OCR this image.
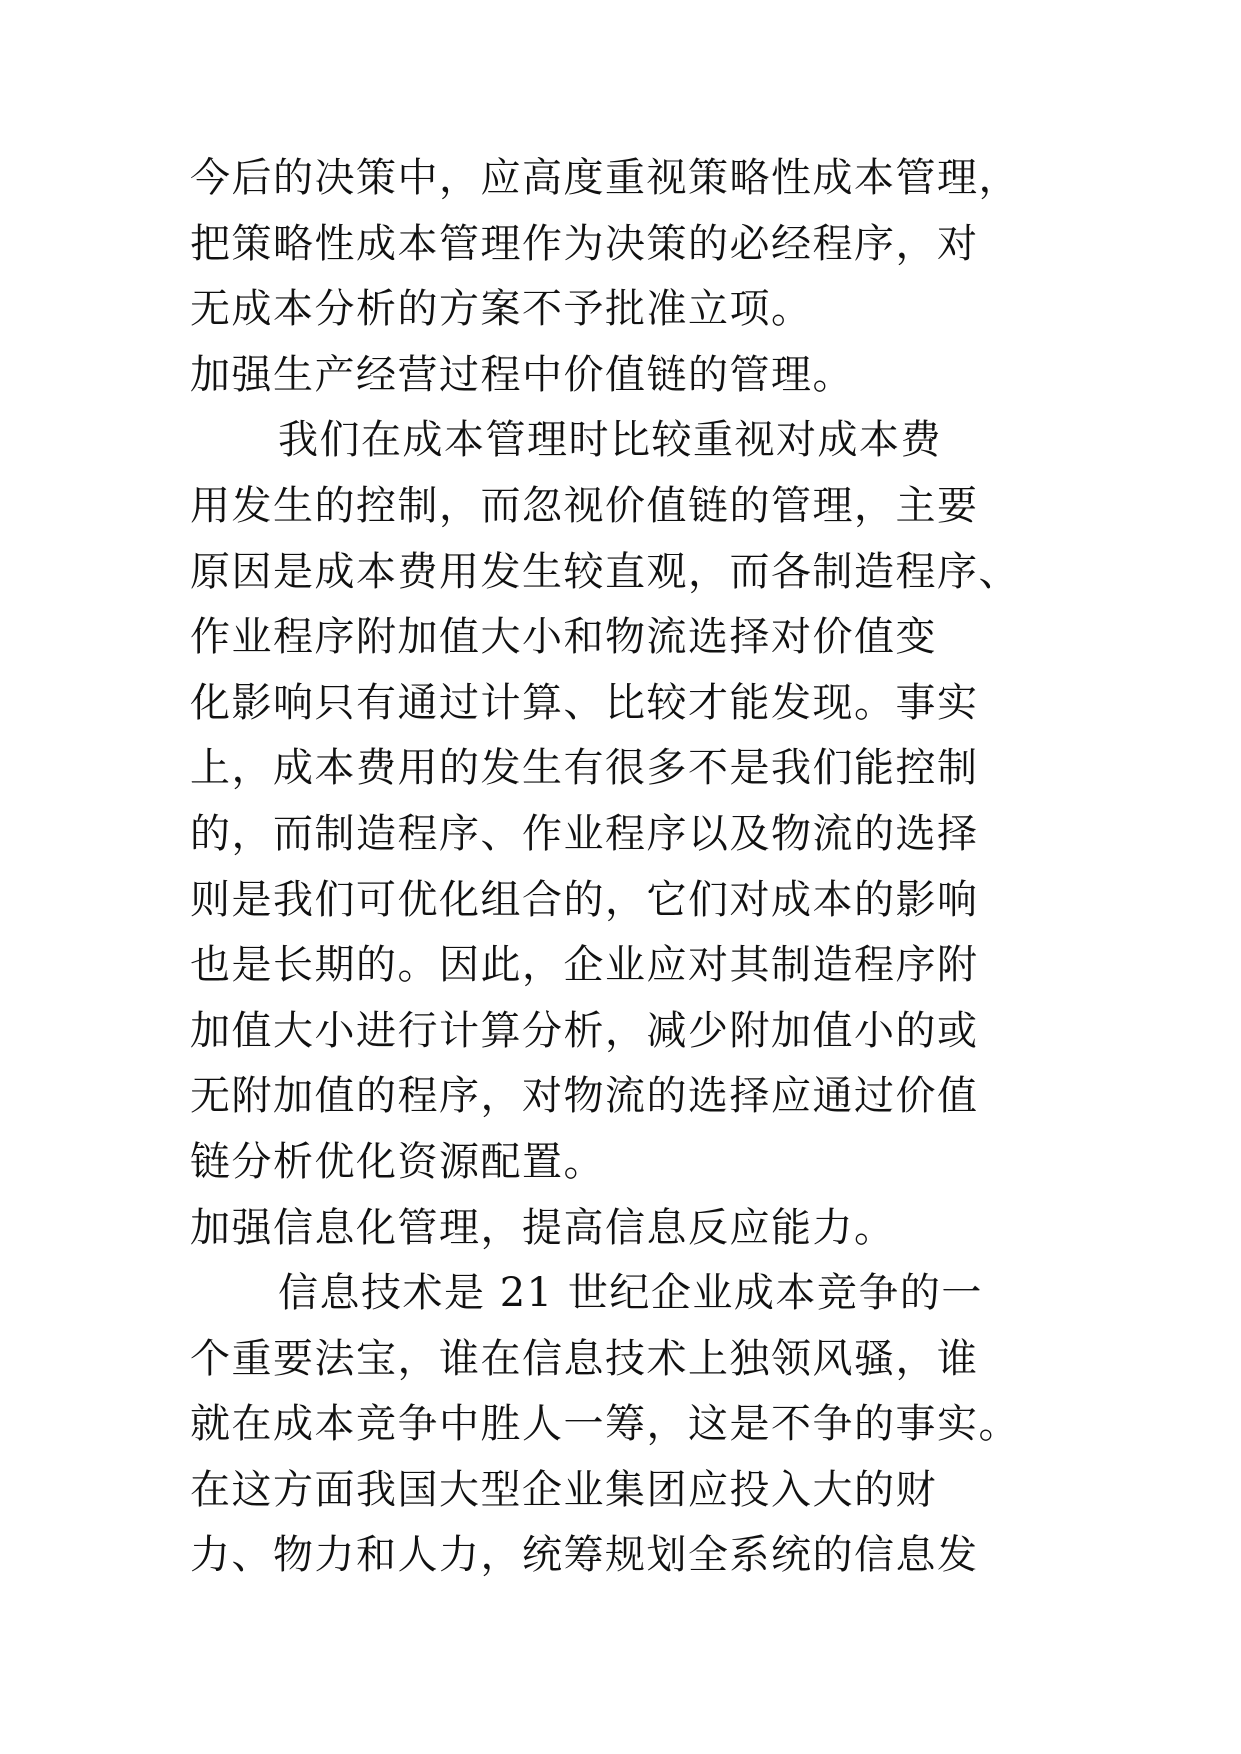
今后的决策中，应高度重视策略性成本管理，
把策略性成本管理作为决策的必经程序，对
无成本分析的方案不予批准立项。
加强生产经营过程中价值链的管理。
我们在成本管理时比较重视对成本费
用发生的控制，而忽视价值链的管理，主要
原因是成本费用发生较直观，而各制造程序、
作业程序附加值大小和物流选择对价值变
化影响只有通过计算、比较才能发现。事实
上，成本费用的发生有很多不是我们能控制
的，而制造程序、作业程序以及物流的选择
则是我们可优化组合的，它们对成本的影响
也是长期的。因此，企业应对其制造程序附
加值大小进行计算分析，减少附加值小的或
无附加值的程序，对物流的选择应通过价值
链分析优化资源配置。
加强信息化管理，提高信息反应能力。
信息技术是 21 世纪企业成本竞争的一
个重要法宝，谁在信息技术上独领风骚，谁
就在成本竞争中胜人一筹，这是不争的事实。
在这方面我国大型企业集团应投入大的财
力、物力和人力，统筹规划全系统的信息发
